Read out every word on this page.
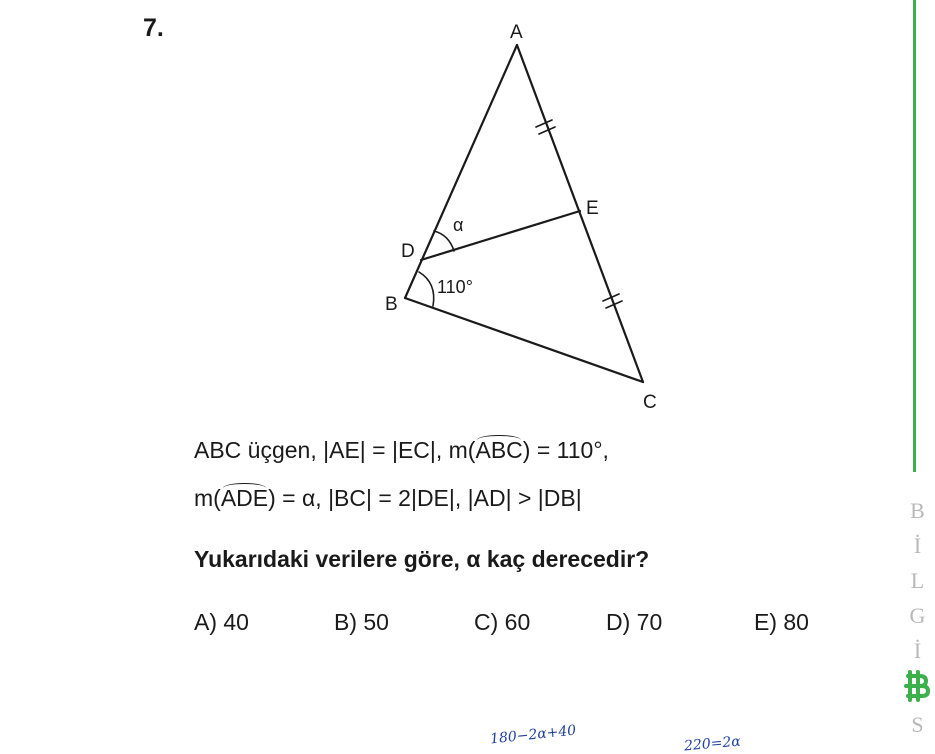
7.	A
E
D
B
C
α
110°
ABC üçgen, |AE| = |EC|, m(ABC) = 110°,
m(ADE) = α, |BC| = 2|DE|, |AD| > |DB|
Yukarıdaki verilere göre, α kaç derecedir?
A) 40	B) 50	C) 60	D) 70	E) 80
B
İ
L
G
İ
S
180−2α+40	220=2α
